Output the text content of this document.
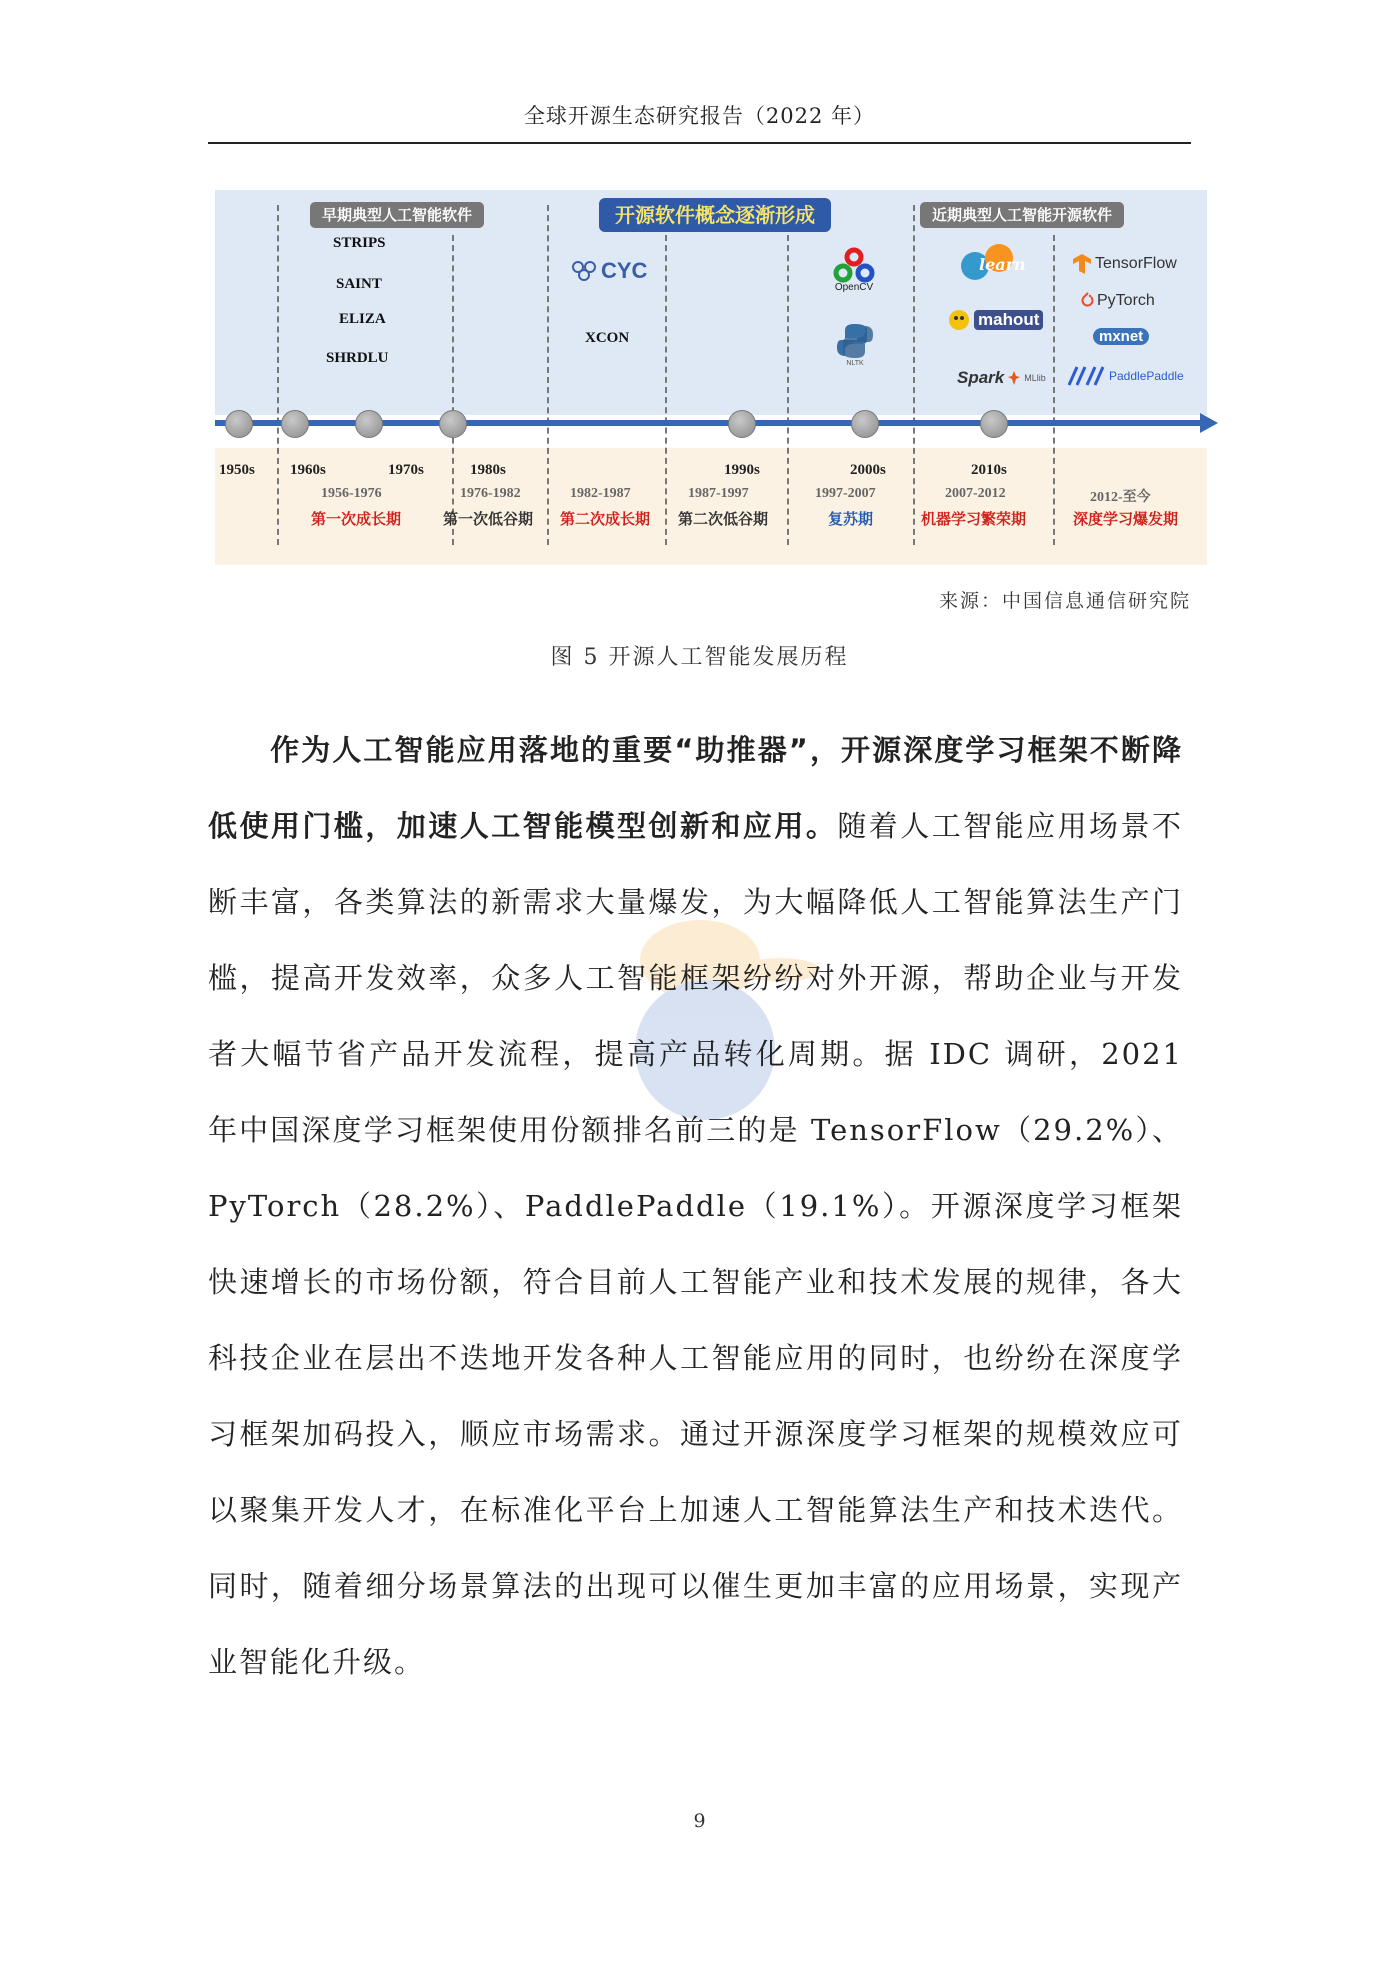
全球开源生态研究报告（2022 年）
早期典型人工智能软件	开源软件概念逐渐形成	近期典型人工智能开源软件
STRIPS
SAINT
ELIZA
SHRDLU
CYC
XCON
OpenCV
NLTK
learn
mahout
Spark MLlib
TensorFlow
PyTorch
mxnet
PaddlePaddle
1950s 1960s	1970s	1980s	1990s	2000s	2010s
1956-1976
第一次成长期
1976-1982
第一次低谷期
1982-1987
第二次成长期
1987-1997
第二次低谷期
1997-2007
复苏期
2007-2012
机器学习繁荣期
2012-至今
深度学习爆发期
来源：中国信息通信研究院
图 5 开源人工智能发展历程
  作为人工智能应用落地的重要“助推器”，开源深度学习框架不断降低使用门槛，加速人工智能模型创新和应用。随着人工智能应用场景不断丰富，各类算法的新需求大量爆发，为大幅降低人工智能算法生产门槛，提高开发效率，众多人工智能框架纷纷对外开源，帮助企业与开发者大幅节省产品开发流程，提高产品转化周期。据 IDC 调研，2021 年中国深度学习框架使用份额排名前三的是 TensorFlow（29.2%）、PyTorch（28.2%）、PaddlePaddle（19.1%）。开源深度学习框架快速增长的市场份额，符合目前人工智能产业和技术发展的规律，各大科技企业在层出不迭地开发各种人工智能应用的同时，也纷纷在深度学习框架加码投入，顺应市场需求。通过开源深度学习框架的规模效应可以聚集开发人才，在标准化平台上加速人工智能算法生产和技术迭代。同时，随着细分场景算法的出现可以催生更加丰富的应用场景，实现产业智能化升级。
9
